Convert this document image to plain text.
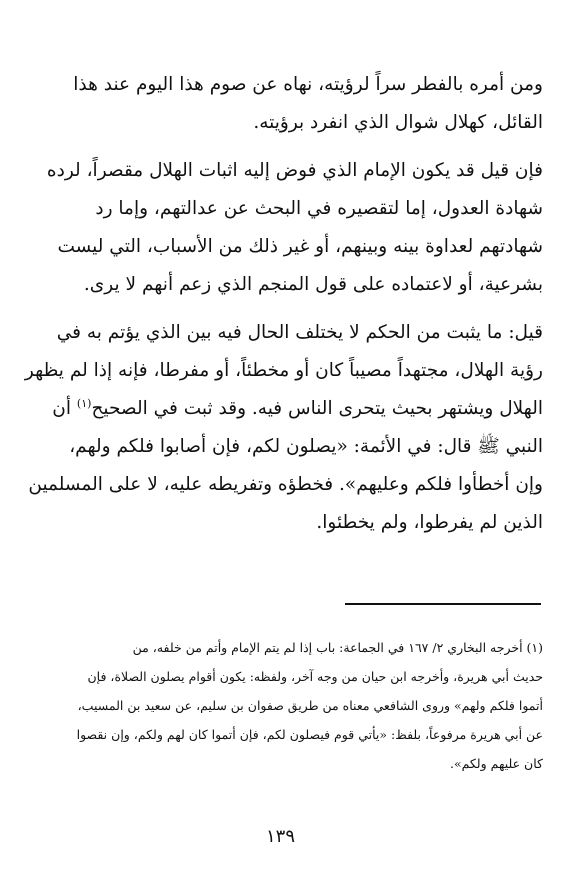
ومن أمره بالفطر سراً لرؤيته، نهاه عن صوم هذا اليوم عند هذا
القائل، كهلال شوال الذي انفرد برؤيته.

فإن قيل قد يكون الإمام الذي فوض إليه اثبات الهلال مقصراً، لرده
شهادة العدول، إما لتقصيره في البحث عن عدالتهم، وإما رد
شهادتهم لعداوة بينه وبينهم، أو غير ذلك من الأسباب، التي ليست
بشرعية، أو لاعتماده على قول المنجم الذي زعم أنهم لا يرى.

قيل: ما يثبت من الحكم لا يختلف الحال فيه بين الذي يؤتم به في
رؤية الهلال، مجتهداً مصيباً كان أو مخطئاً، أو مفرطا، فإنه إذا لم يظهر
الهلال ويشتهر بحيث يتحرى الناس فيه. وقد ثبت في الصحيح$^{(١)}$ أن
النبي ﷺ قال: في الأئمة: «يصلون لكم، فإن أصابوا فلكم ولهم،
وإن أخطأوا فلكم وعليهم». فخطؤه وتفريطه عليه، لا على المسلمين
الذين لم يفرطوا، ولم يخطئوا.

(١) أخرجه البخاري ٢/ ١٦٧ في الجماعة: باب إذا لم يتم الإمام وأتم من خلفه، من
حديث أبي هريرة، وأخرجه ابن حيان من وجه آخر، ولفظه: يكون أقوام يصلون الصلاة، فإن
أتموا فلكم ولهم» وروى الشافعي معناه من طريق صفوان بن سليم، عن سعيد بن المسيب،
عن أبي هريرة مرفوعاً، بلفظ: «يأتي قوم فيصلون لكم، فإن أتموا كان لهم ولكم، وإن نقصوا
كان عليهم ولكم».
١٣٩
